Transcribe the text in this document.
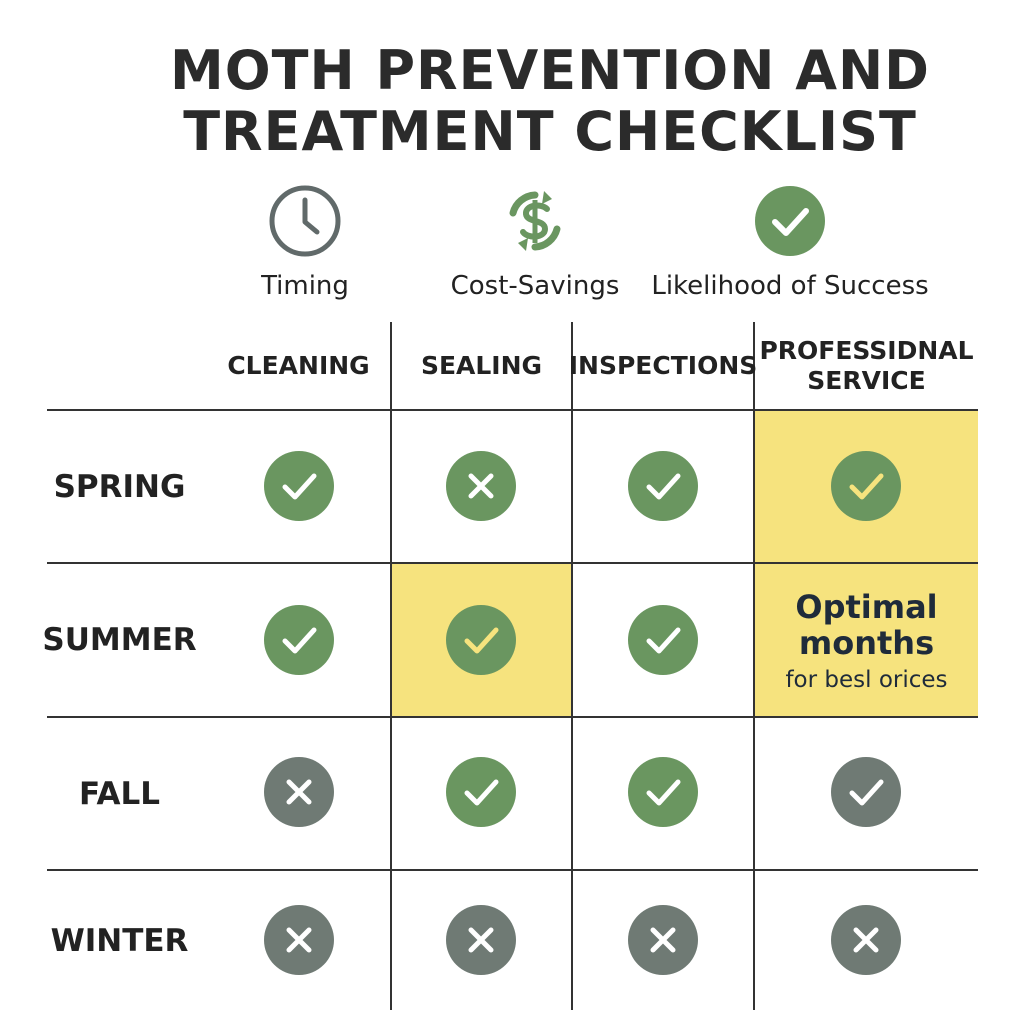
MOTH PREVENTION AND
TREATMENT CHECKLIST
Timing	Cost-Savings	Likelihood of Success
CLEANING SEALING INSPECTIONS

PROFESSIDNAL
SERVICE
SPRING
SUMMER
FALL
WINTER
Optimal
months
for besl orices
